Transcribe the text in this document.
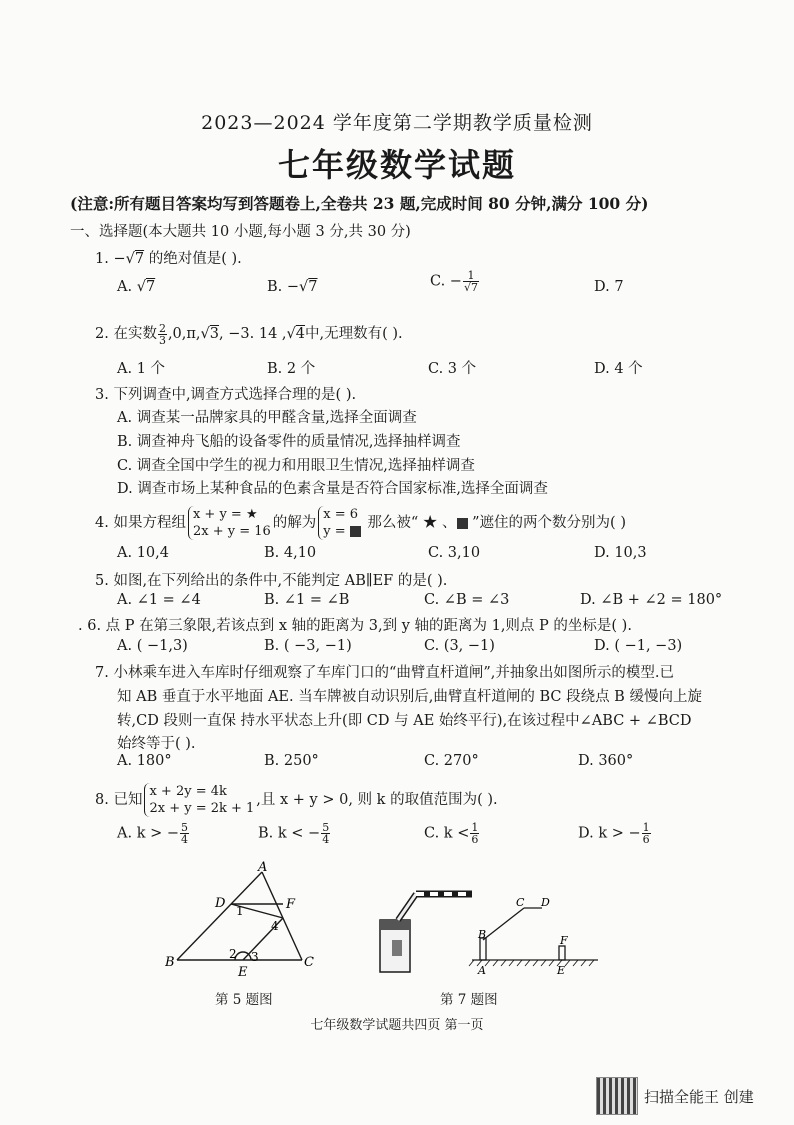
2023—2024 学年度第二学期教学质量检测
七年级数学试题
(注意:所有题目答案均写到答题卷上,全卷共 23 题,完成时间 80 分钟,满分 100 分)
一、选择题(本大题共 10 小题,每小题 3 分,共 30 分)
1. −√7 的绝对值是( ).
A. √7	B. −√7	C. − $\frac{1}{√7}$	D. 7
2. 在实数 $\frac{2}{3} ,0,\pi,√3$, −3. 14 ,√4中,无理数有( ).
A. 1 个	B. 2 个	C. 3 个	D. 4 个
3. 下列调查中,调查方式选择合理的是( ).
A. 调查某一品牌家具的甲醛含量,选择全面调查
B. 调查神舟飞船的设备零件的质量情况,选择抽样调查
C. 调查全国中学生的视力和用眼卫生情况,选择抽样调查
D. 调查市场上某种食品的色素含量是否符合国家标准,选择全面调查
4. 如果方程组
x + y = ★
2x + y = 16
的解为
x = 6
y =
那么被“ ★ 、 ”遮住的两个数分别为( )
A. 10,4	B. 4,10	C. 3,10	D. 10,3
5. 如图,在下列给出的条件中,不能判定 AB∥EF 的是( ).
A. ∠1 = ∠4	B. ∠1 = ∠B	C. ∠B = ∠3	D. ∠B + ∠2 = 180°
. 6. 点 P 在第三象限,若该点到 x 轴的距离为 3,到 y 轴的距离为 1,则点 P 的坐标是( ).
A. ( −1,3)	B. ( −3, −1)	C. (3, −1)	D. ( −1, −3)
7. 小林乘车进入车库时仔细观察了车库门口的“曲臂直杆道闸”,并抽象出如图所示的模型.已
知 AB 垂直于水平地面 AE. 当车牌被自动识别后,曲臂直杆道闸的 BC 段绕点 B 缓慢向上旋
转,CD 段则一直保 持水平状态上升(即 CD 与 AE 始终平行),在该过程中∠ABC + ∠BCD
始终等于( ).
A. 180°	B. 250°	C. 270°	D. 360°
8. 已知
x + 2y = 4k
2x + y = 2k + 1
,且 x + y > 0, 则 k 的取值范围为( ).
A. k > − $\frac{5}{4}$	B. k < − $\frac{5}{4}$	C. $k < \frac{1}{6}$	D. k > − $\frac{1}{6}$
A
B	C
D
E
F
1
2 3
4
第 5 题图
B
A
C D
F
E
第 7 题图
七年级数学试题共四页 第一页
扫描全能王 创建
